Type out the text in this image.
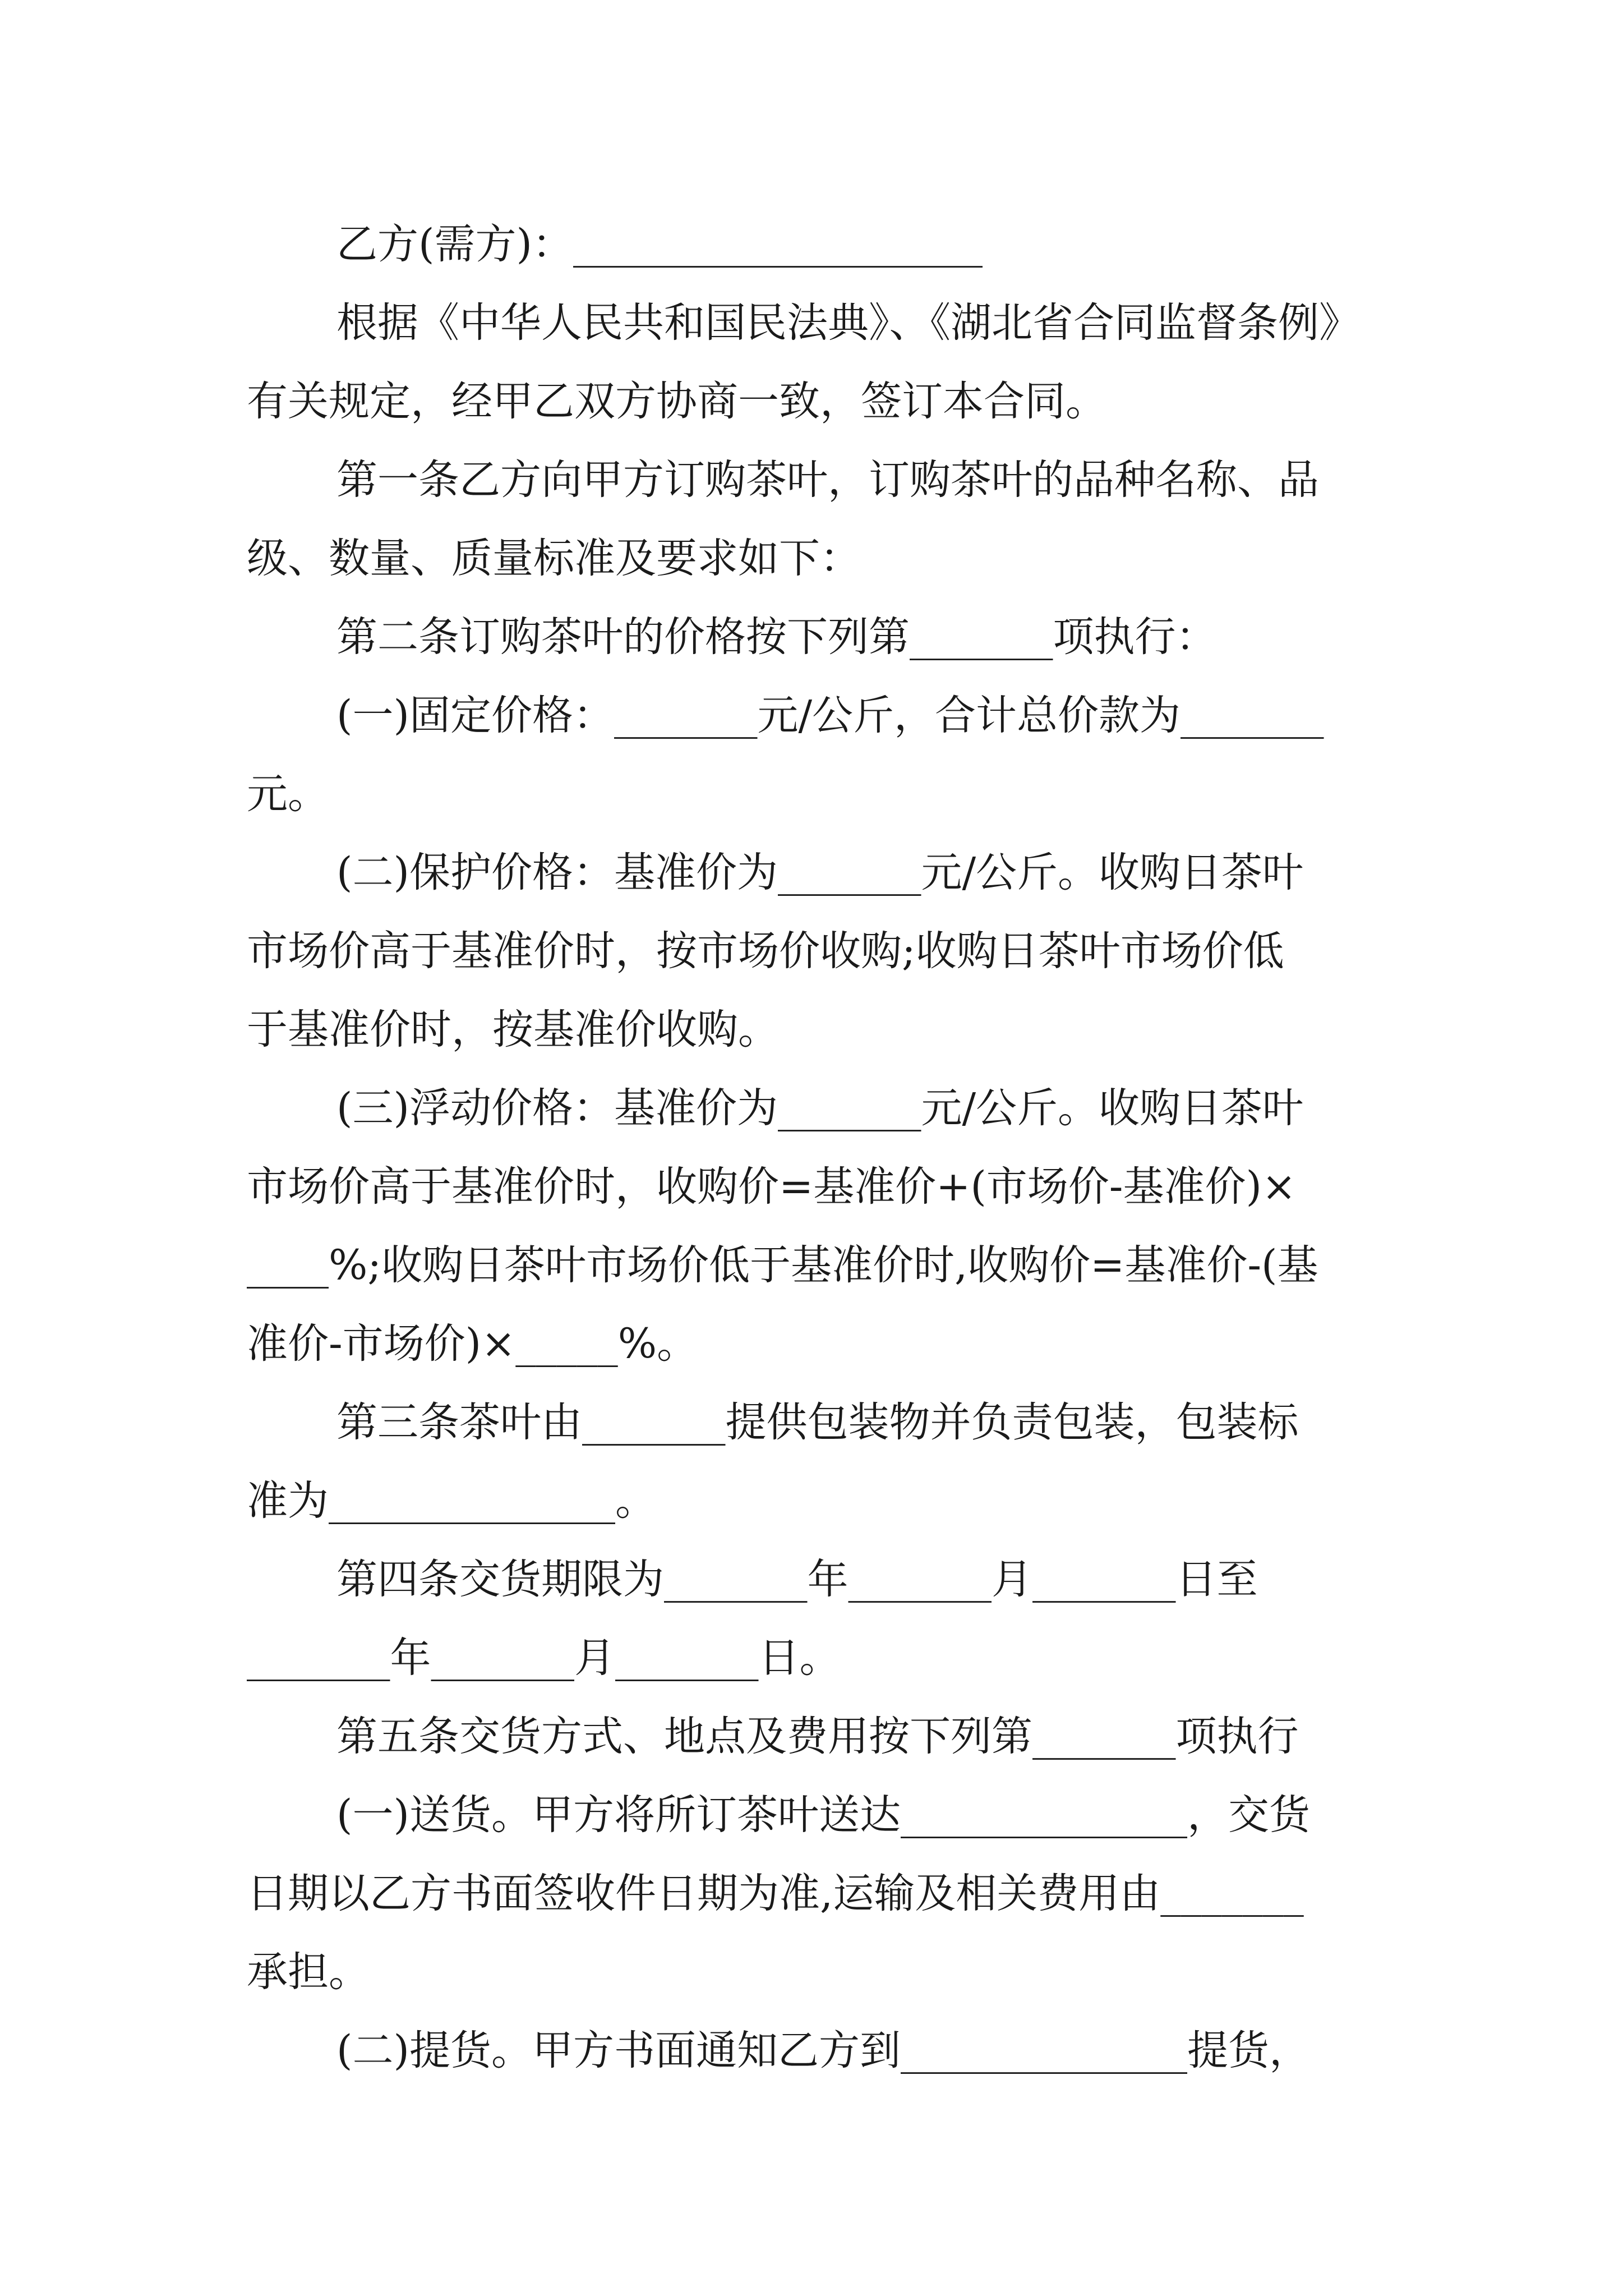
乙方(需方)：____________________
根据《中华人民共和国民法典》、《湖北省合同监督条例》
有关规定，经甲乙双方协商一致，签订本合同。
第一条乙方向甲方订购茶叶，订购茶叶的品种名称、品
级、数量、质量标准及要求如下：
第二条订购茶叶的价格按下列第_______项执行：
(一)固定价格：_______元/公斤，合计总价款为_______
元。
(二)保护价格：基准价为_______元/公斤。收购日茶叶
市场价高于基准价时，按市场价收购;收购日茶叶市场价低
于基准价时，按基准价收购。
(三)浮动价格：基准价为_______元/公斤。收购日茶叶
市场价高于基准价时，收购价=基准价+(市场价-基准价)×
____%;收购日茶叶市场价低于基准价时,收购价=基准价-(基
准价-市场价)×_____%。
第三条茶叶由_______提供包装物并负责包装，包装标
准为______________。
第四条交货期限为_______年_______月_______日至
_______年_______月_______日。
第五条交货方式、地点及费用按下列第_______项执行
(一)送货。甲方将所订茶叶送达______________，交货
日期以乙方书面签收件日期为准,运输及相关费用由_______
承担。
(二)提货。甲方书面通知乙方到______________提货，
